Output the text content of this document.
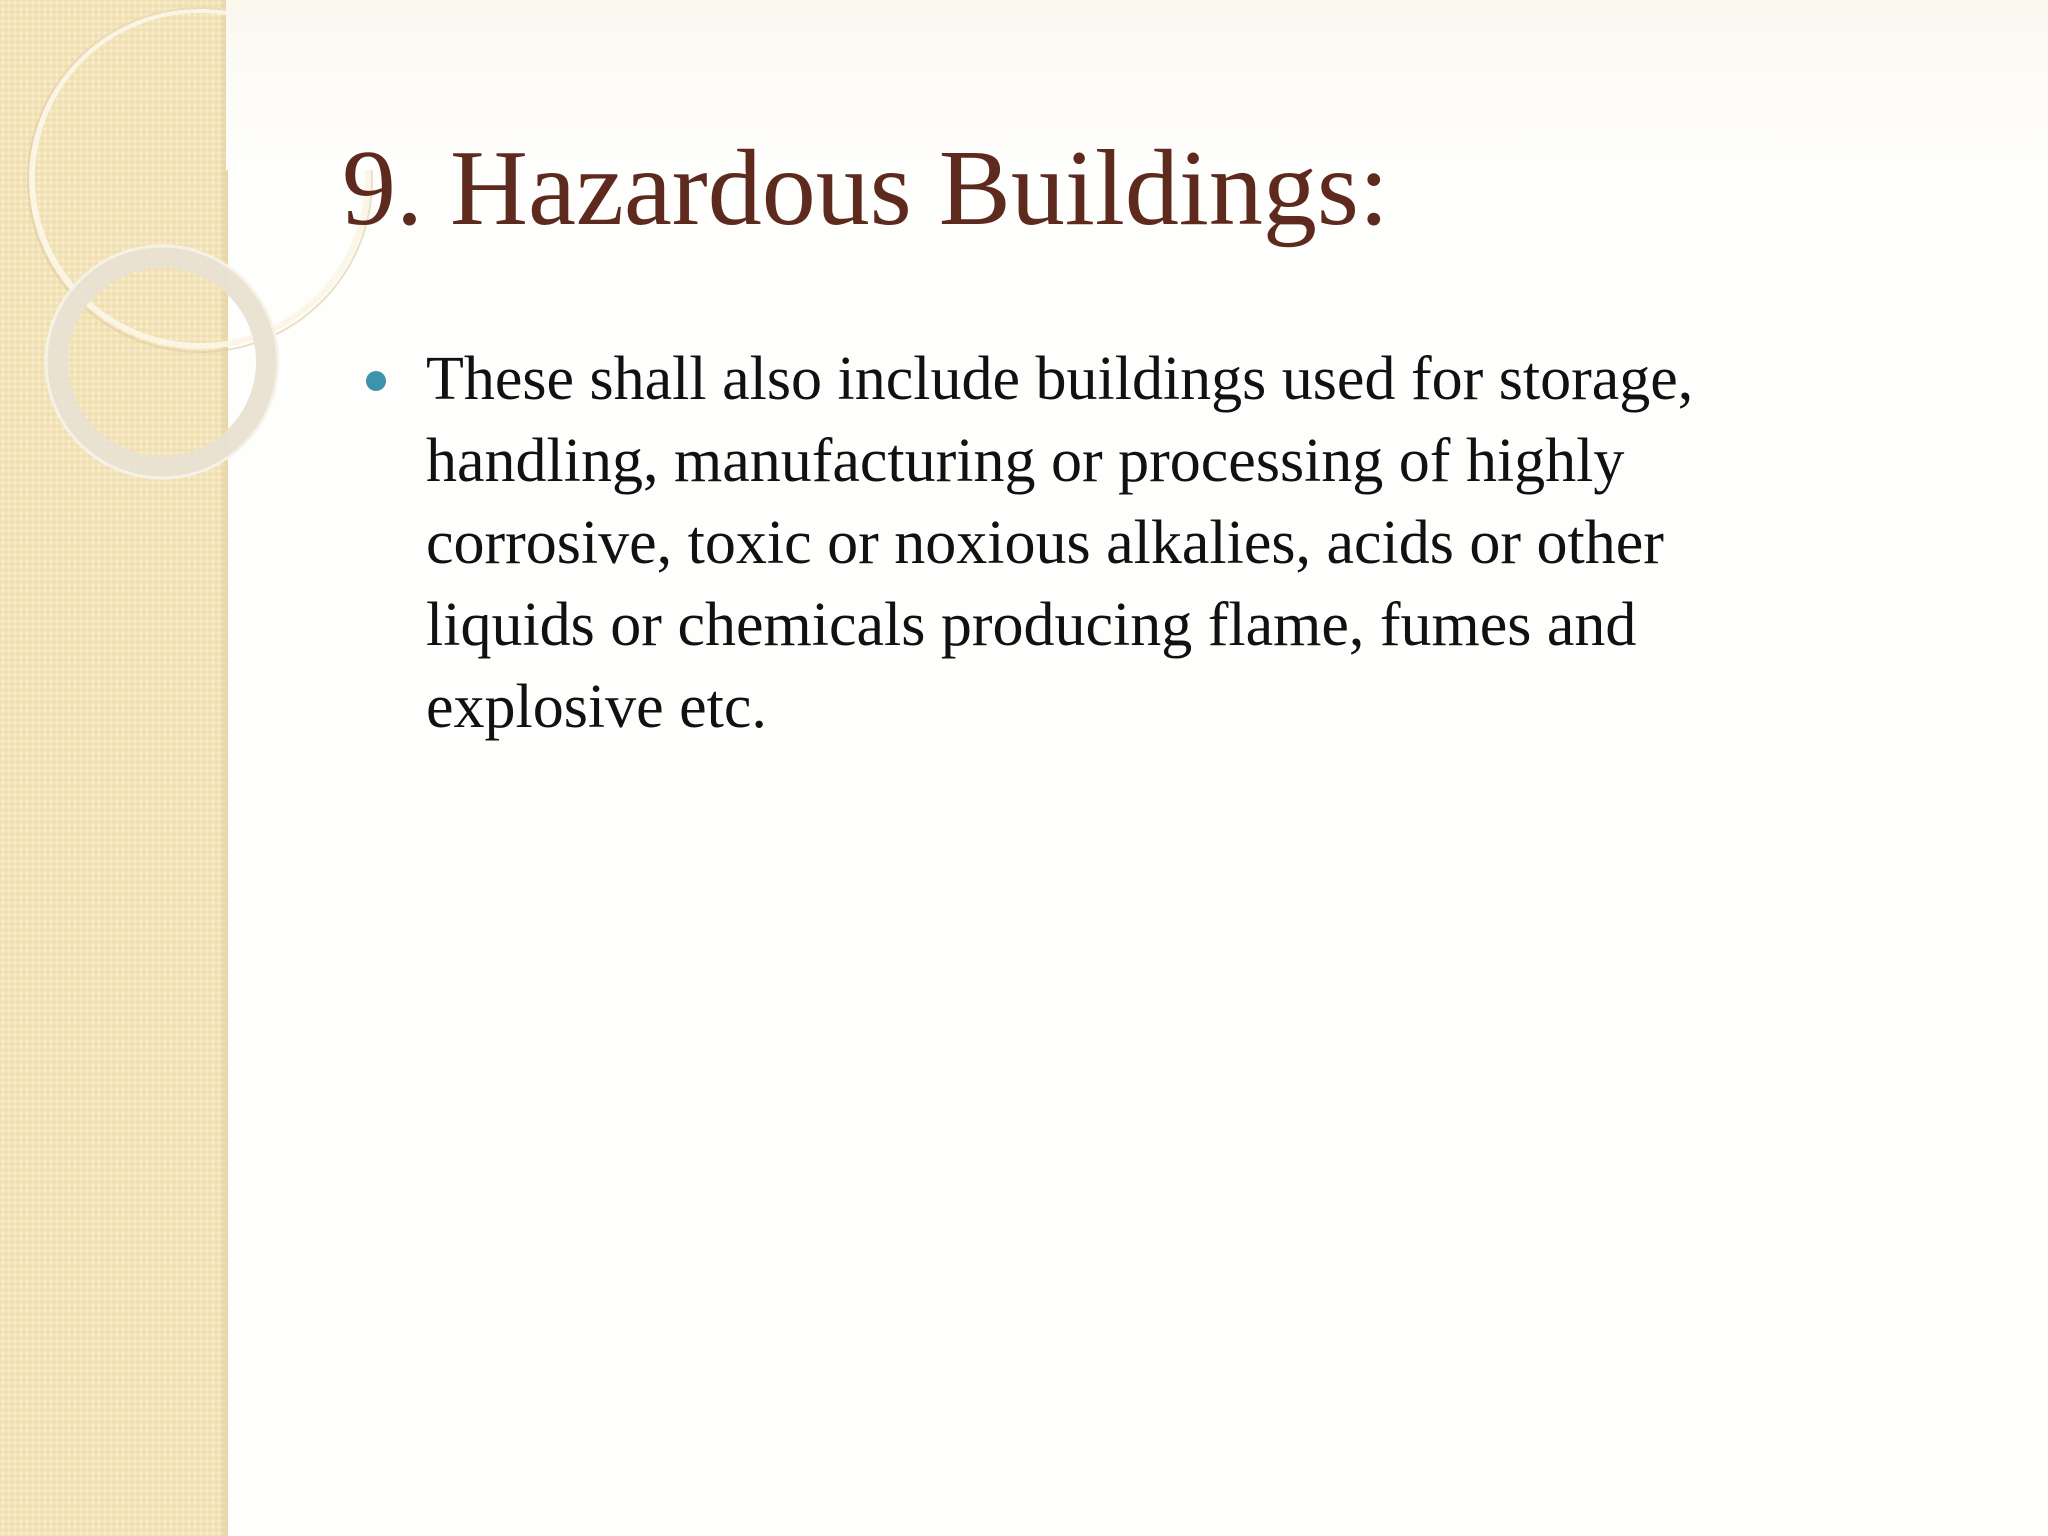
9. Hazardous Buildings:
These shall also include buildings used for storage,
handling, manufacturing or processing of highly
corrosive, toxic or noxious alkalies, acids or other
liquids or chemicals producing flame, fumes and
explosive etc.
